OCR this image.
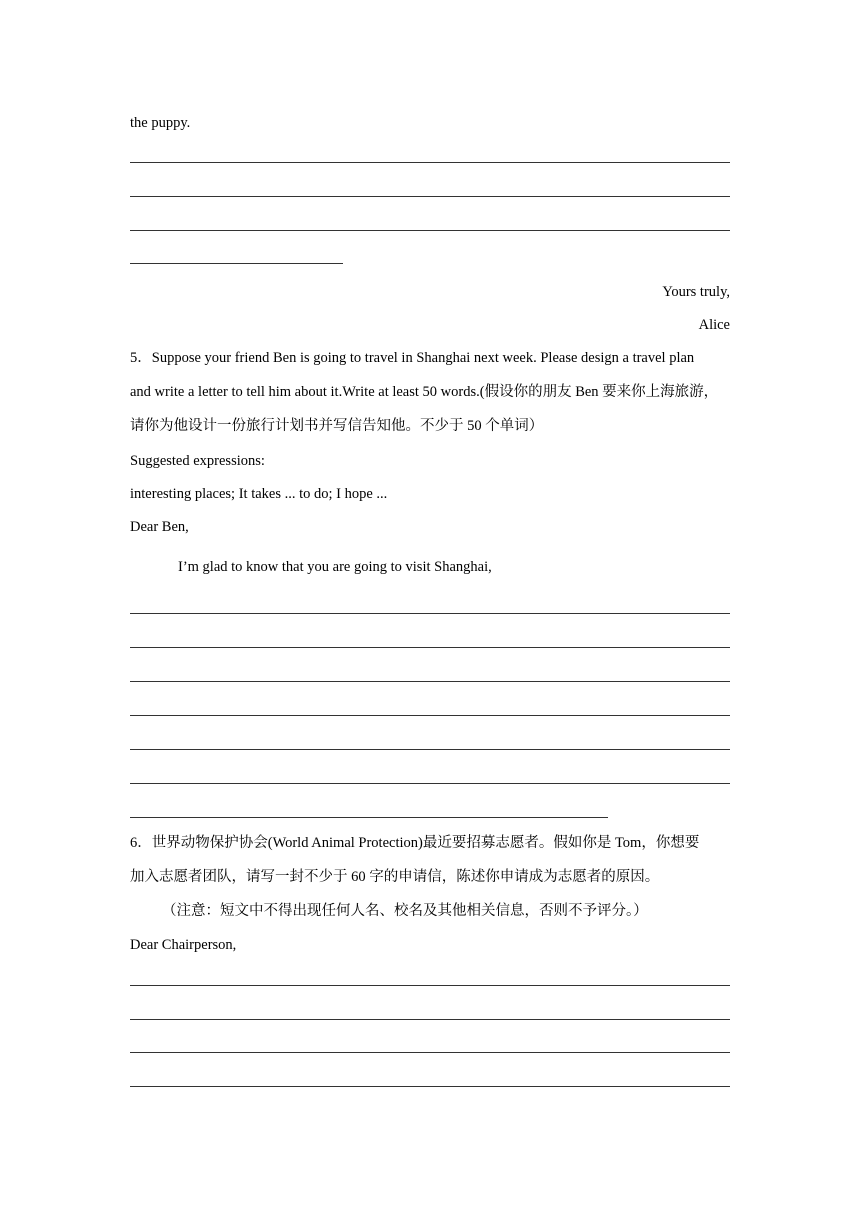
the puppy.
Yours truly,
Alice
5．Suppose your friend Ben is going to travel in Shanghai next week. Please design a travel plan
and write a letter to tell him about it.Write at least 50 words.(假设你的朋友 Ben 要来你上海旅游，
请你为他设计一份旅行计划书并写信告知他。不少于 50 个单词）
Suggested expressions:
interesting places; It takes ... to do; I hope ...
Dear Ben,
I’m glad to know that you are going to visit Shanghai,
6．世界动物保护协会(World Animal Protection)最近要招募志愿者。假如你是 Tom，你想要
加入志愿者团队，请写一封不少于 60 字的申请信，陈述你申请成为志愿者的原因。
（注意：短文中不得出现任何人名、校名及其他相关信息，否则不予评分。）
Dear Chairperson,
